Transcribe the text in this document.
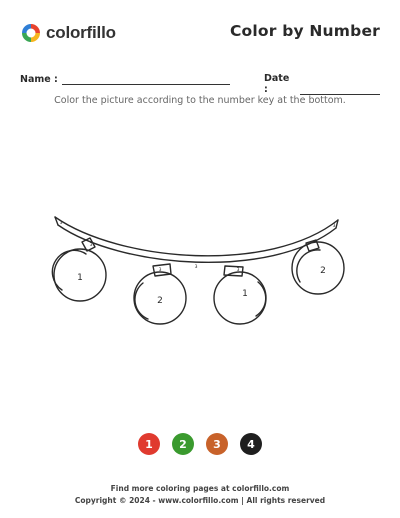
colorfillo	Color by Number
Name :	Date :
Color the picture according to the number key at the bottom.
1
2
1
2
3
3
3
3
3
3
1	2	3	4
Find more coloring pages at colorfillo.com
Copyright © 2024 - www.colorfillo.com | All rights reserved
